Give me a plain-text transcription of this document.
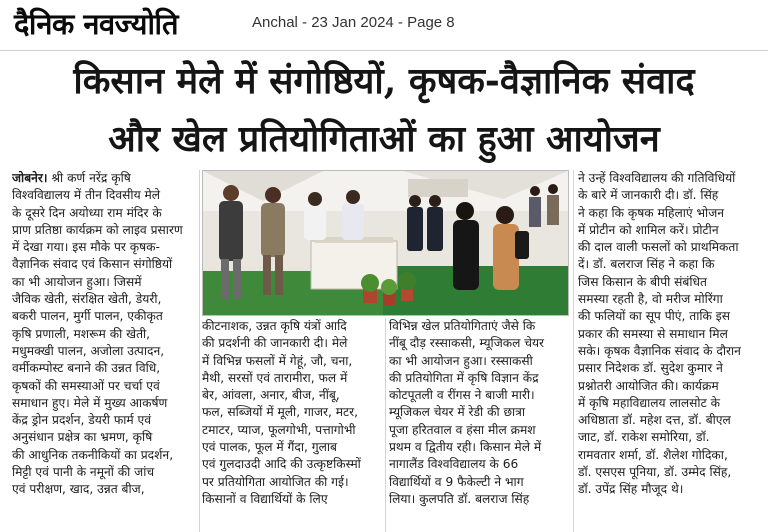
दैनिक नवज्योति	Anchal - 23 Jan 2024 - Page 8
किसान मेले में संगोष्ठियों, कृषक-वैज्ञानिक संवाद
और खेल प्रतियोगिताओं का हुआ आयोजन
जोबनेर। श्री कर्ण नरेंद्र कृषि
विश्वविद्यालय में तीन दिवसीय मेले
के दूसरे दिन अयोध्या राम मंदिर के
प्राण प्रतिष्ठा कार्यक्रम को लाइव प्रसारण
में देखा गया। इस मौके पर कृषक-
वैज्ञानिक संवाद एवं किसान संगोष्ठियों
का भी आयोजन हुआ। जिसमें
जैविक खेती, संरक्षित खेती, डेयरी,
बकरी पालन, मुर्गी पालन, एकीकृत
कृषि प्रणाली, मशरूम की खेती,
मधुमक्खी पालन, अजोला उत्पादन,
वर्मीकम्पोस्ट बनाने की उन्नत विधि,
कृषकों की समस्याओं पर चर्चा एवं
समाधान हुए। मेले में मुख्य आकर्षण
केंद्र ड्रोन प्रदर्शन, डेयरी फार्म एवं
अनुसंधान प्रक्षेत्र का भ्रमण, कृषि
की आधुनिक तकनीकियों का प्रदर्शन,
मिट्टी एवं पानी के नमूनों की जांच
एवं परीक्षण, खाद, उन्नत बीज,
कीटनाशक, उन्नत कृषि यंत्रों आदि
की प्रदर्शनी की जानकारी दी। मेले
में विभिन्न फसलों में गेहूं, जौ, चना,
मैथी, सरसों एवं तारामीरा, फल में
बेर, आंवला, अनार, बीज, नींबू,
फल, सब्जियों में मूली, गाजर, मटर,
टमाटर, प्याज, फूलगोभी, पत्तागोभी
एवं पालक, फूल में गैंदा, गुलाब
एवं गुलदाउदी आदि की उत्कृष्टकिस्मों
पर प्रतियोगिता आयोजित की गई।
किसानों व विद्यार्थियों के लिए
विभिन्न खेल प्रतियोगिताएं जैसे कि
नींबू दौड़ रस्साकसी, म्यूजिकल चेयर
का भी आयोजन हुआ। रस्साकसी
की प्रतियोगिता में कृषि विज्ञान केंद्र
कोटपूतली व रींगस ने बाजी मारी।
म्यूजिकल चेयर में रेडी की छात्रा
पूजा हरितवाल व हंसा मील क्रमश
प्रथम व द्वितीय रही। किसान मेले में
नागालैंड विश्वविद्यालय के 66
विद्यार्थियों व 9 फैकेल्टी ने भाग
लिया। कुलपति डॉ. बलराज सिंह
ने उन्हें विश्वविद्यालय की गतिविधियों
के बारे में जानकारी दी। डॉ. सिंह
ने कहा कि कृषक महिलाएं भोजन
में प्रोटीन को शामिल करें। प्रोटीन
की दाल वाली फसलों को प्राथमिकता
दें। डॉ. बलराज सिंह ने कहा कि
जिस किसान के बीपी संबंधित
समस्या रहती है, वो मरीज मोरिंगा
की फलियों का सूप पीएं, ताकि इस
प्रकार की समस्या से समाधान मिल
सके। कृषक वैज्ञानिक संवाद के दौरान
प्रसार निदेशक डॉ. सुदेश कुमार ने
प्रश्नोतरी आयोजित की। कार्यक्रम
में कृषि महाविद्यालय लालसोट के
अधिष्ठाता डॉ. महेश दत्त, डॉ. बीएल
जाट, डॉ. राकेश समोरिया, डॉ.
रामवतार शर्मा, डॉ. शैलेश गोदिका,
डॉ. एसएस पूनिया, डॉ. उम्मेद सिंह,
डॉ. उपेंद्र सिंह मौजूद थे।
